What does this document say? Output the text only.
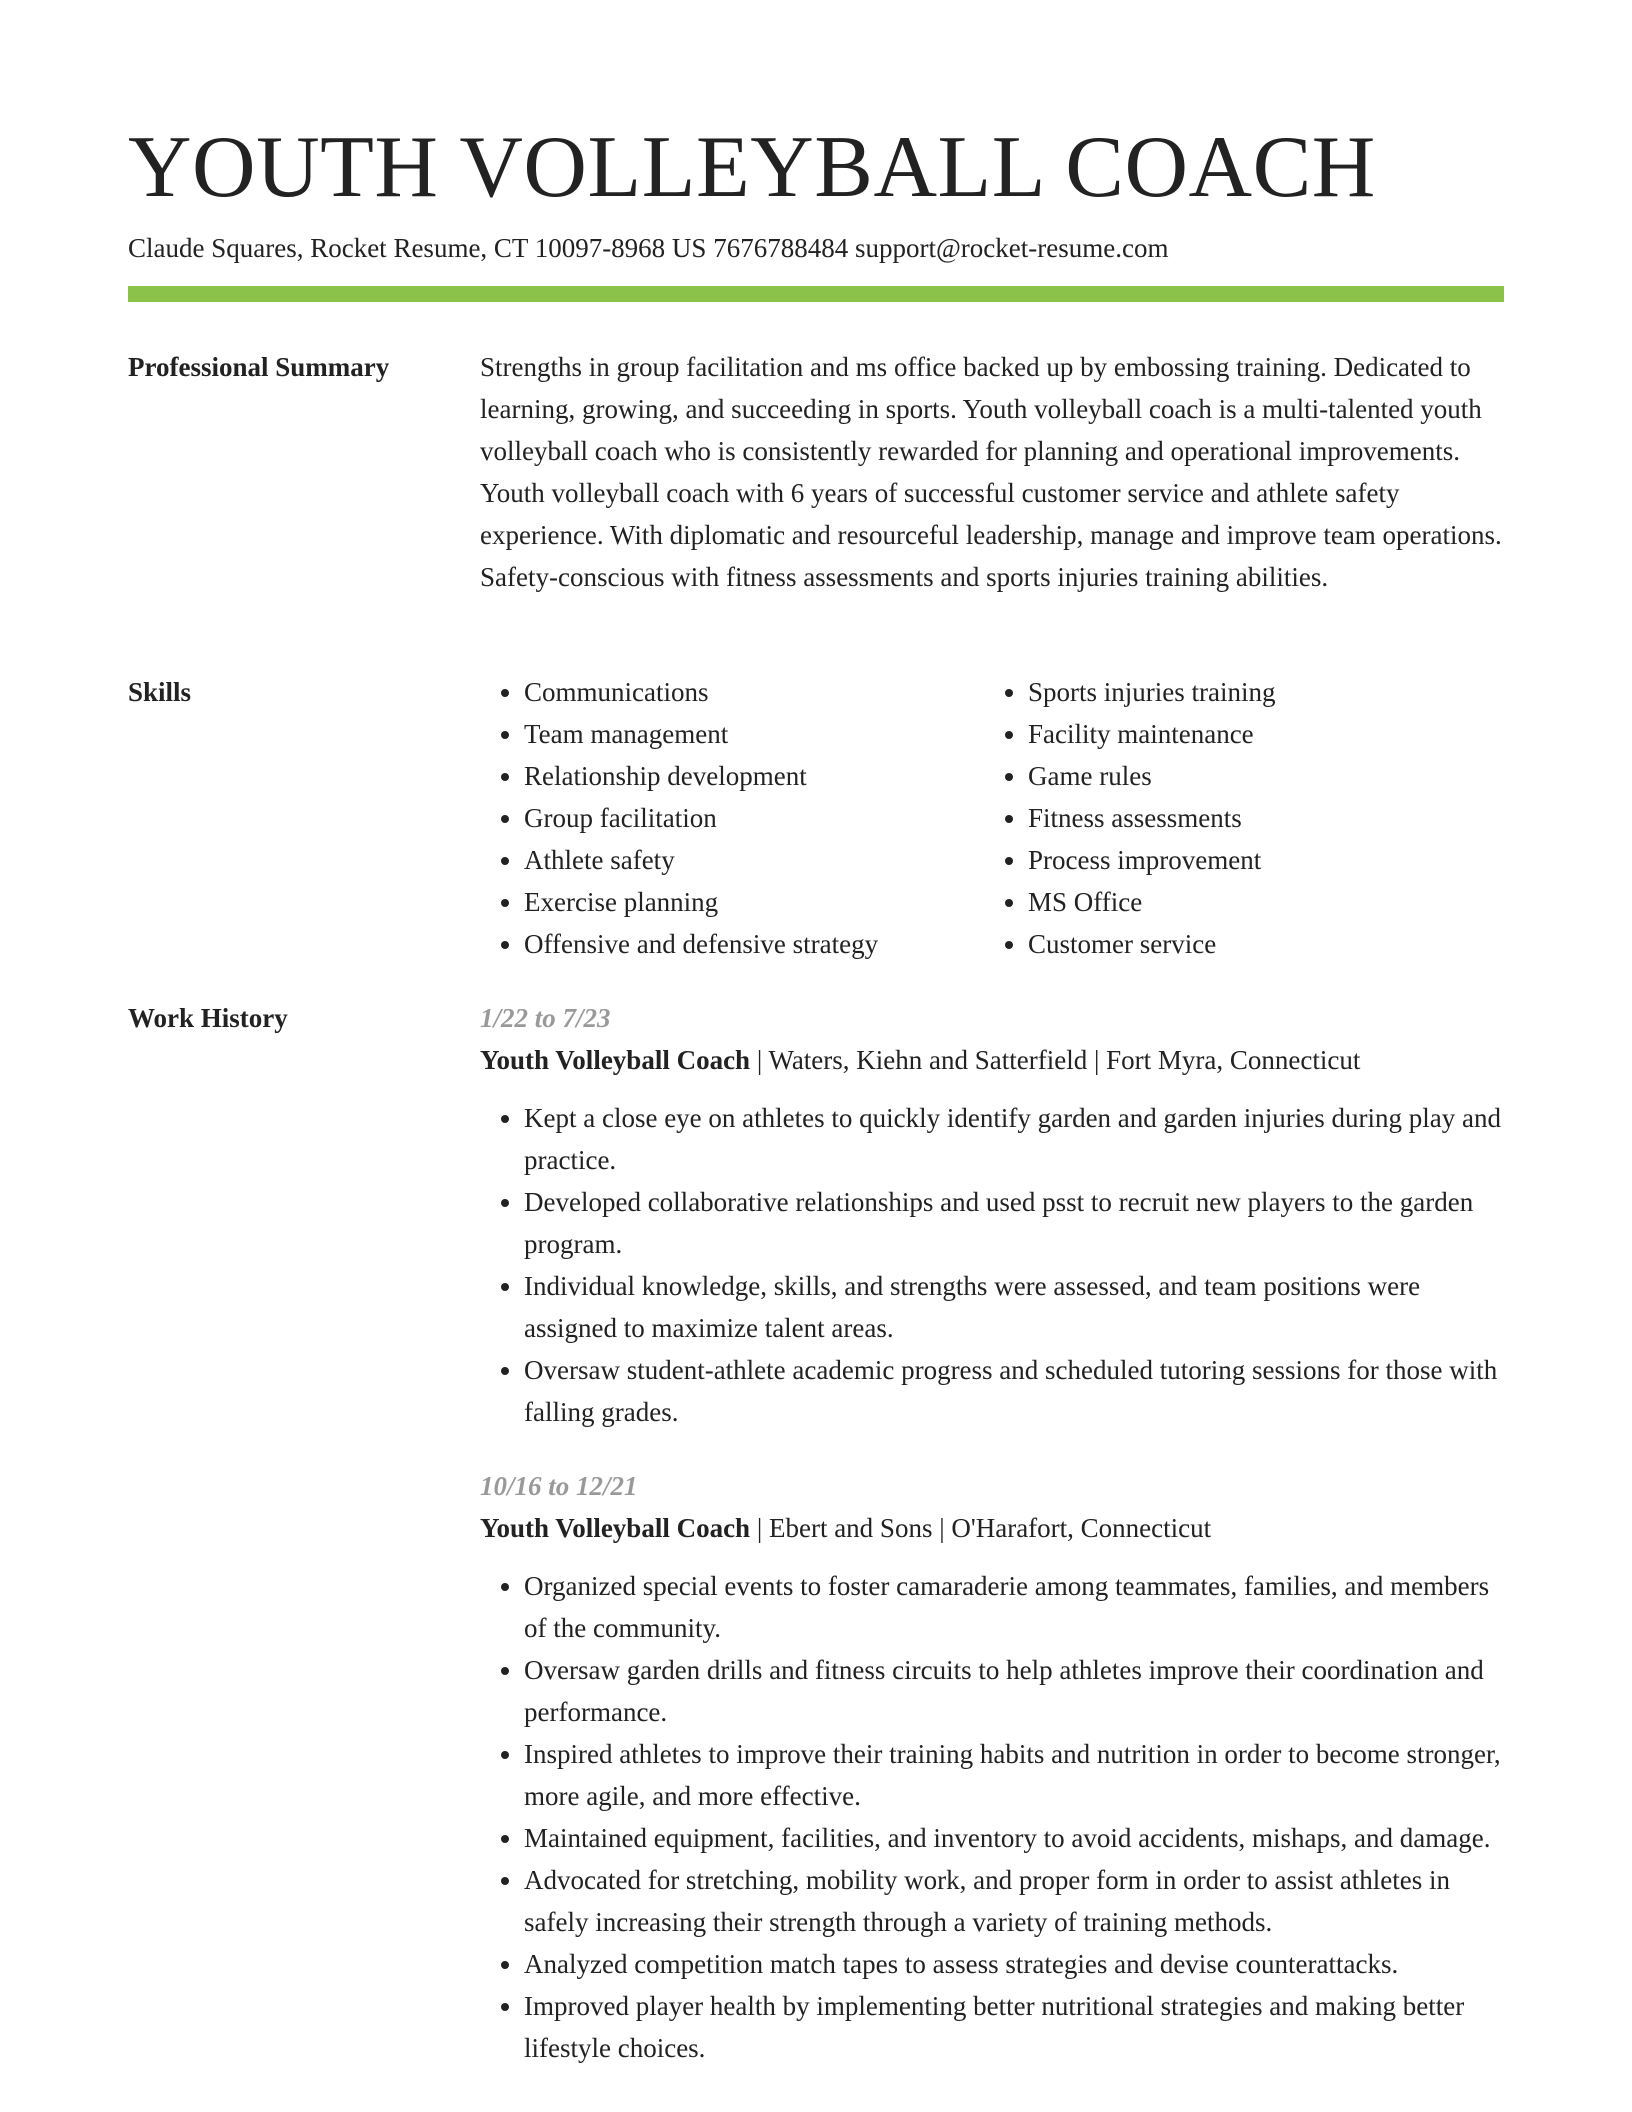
YOUTH VOLLEYBALL COACH
Claude Squares, Rocket Resume, CT 10097-8968 US 7676788484 support@rocket-resume.com
Professional Summary	Strengths in group facilitation and ms office backed up by embossing training. Dedicated to learning, growing, and succeeding in sports. Youth volleyball coach is a multi-talented youth volleyball coach who is consistently rewarded for planning and operational improvements. Youth volleyball coach with 6 years of successful customer service and athlete safety experience. With diplomatic and resourceful leadership, manage and improve team operations. Safety-conscious with fitness assessments and sports injuries training abilities.

Skills
•	Communications
• Team management
• Relationship development
• Group facilitation
• Athlete safety
• Exercise planning
• Offensive and defensive strategy
• Sports injuries training
• Facility maintenance
• Game rules
• Fitness assessments
• Process improvement
• MS Office
• Customer service
Work History	1/22 to 7/23
Youth Volleyball Coach | Waters, Kiehn and Satterfield | Fort Myra, Connecticut
• Kept a close eye on athletes to quickly identify garden and garden injuries during play and practice.
• Developed collaborative relationships and used psst to recruit new players to the garden program.
• Individual knowledge, skills, and strengths were assessed, and team positions were assigned to maximize talent areas.
• Oversaw student-athlete academic progress and scheduled tutoring sessions for those with falling grades.
10/16 to 12/21
Youth Volleyball Coach | Ebert and Sons | O'Harafort, Connecticut
• Organized special events to foster camaraderie among teammates, families, and members of the community.
• Oversaw garden drills and fitness circuits to help athletes improve their coordination and performance.
• Inspired athletes to improve their training habits and nutrition in order to become stronger, more agile, and more effective.
• Maintained equipment, facilities, and inventory to avoid accidents, mishaps, and damage.
• Advocated for stretching, mobility work, and proper form in order to assist athletes in safely increasing their strength through a variety of training methods.
• Analyzed competition match tapes to assess strategies and devise counterattacks.
• Improved player health by implementing better nutritional strategies and making better lifestyle choices.
